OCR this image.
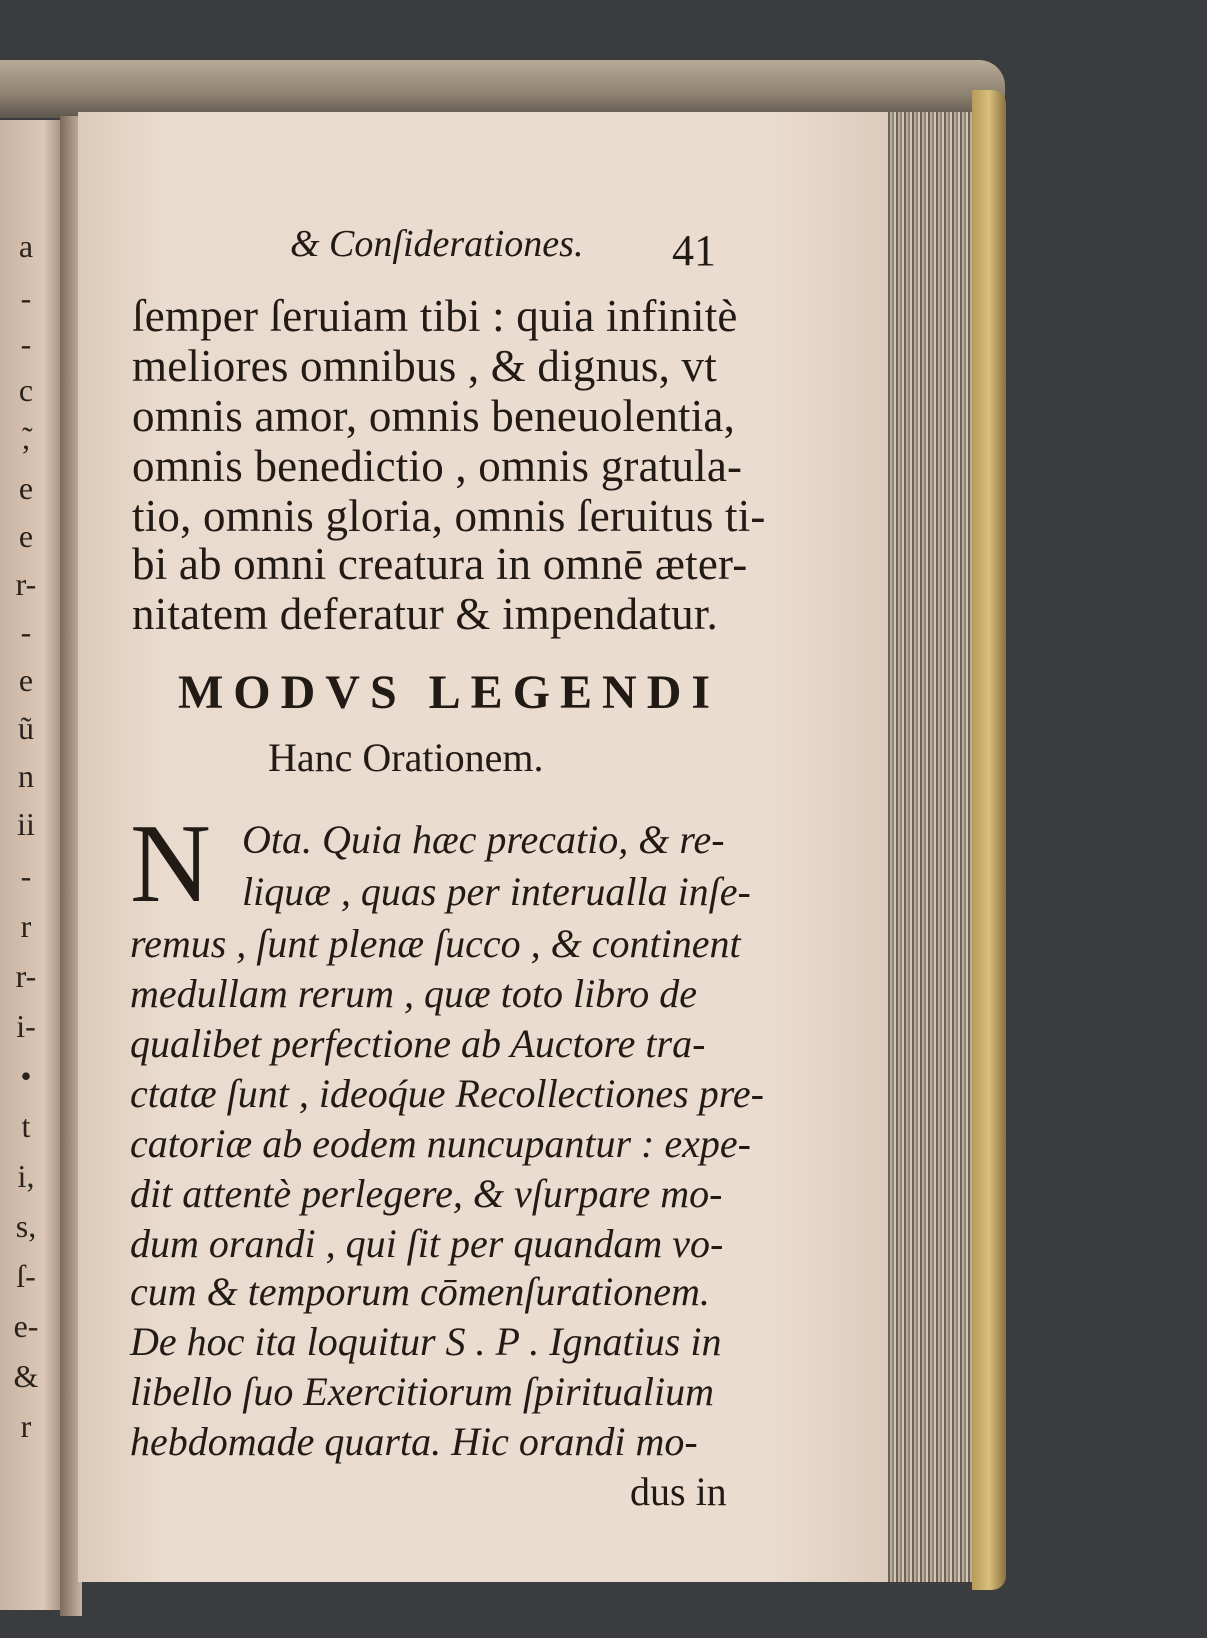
a
-
-
c
̃,
e
e
r-
-
e
ũ
n
ii
-
r
r-
i-
•
t
i,
s,
ſ-
e-
&
r
& Conſiderationes. 41
ſemper ſeruiam tibi : quia infinitè
meliores omnibus , & dignus, vt
omnis amor, omnis beneuolentia,
omnis benedictio , omnis gratula-
tio, omnis gloria, omnis ſeruitus ti-
bi ab omni creatura in omnē æter-
nitatem deferatur & impendatur.
MODVS LEGENDI
Hanc Orationem.
N Ota. Quia hæc precatio, & re-
liquæ , quas per interualla inſe-
remus , ſunt plenæ ſucco , & continent
medullam rerum , quæ toto libro de
qualibet perfectione ab Auctore tra-
ctatæ ſunt , ideoq́ue Recollectiones pre-
catoriæ ab eodem nuncupantur : expe-
dit attentè perlegere, & vſurpare mo-
dum orandi , qui ſit per quandam vo-
cum & temporum cōmenſurationem.
De hoc ita loquitur S . P . Ignatius in
libello ſuo Exercitiorum ſpiritualium
hebdomade quarta. Hic orandi mo-
dus in
